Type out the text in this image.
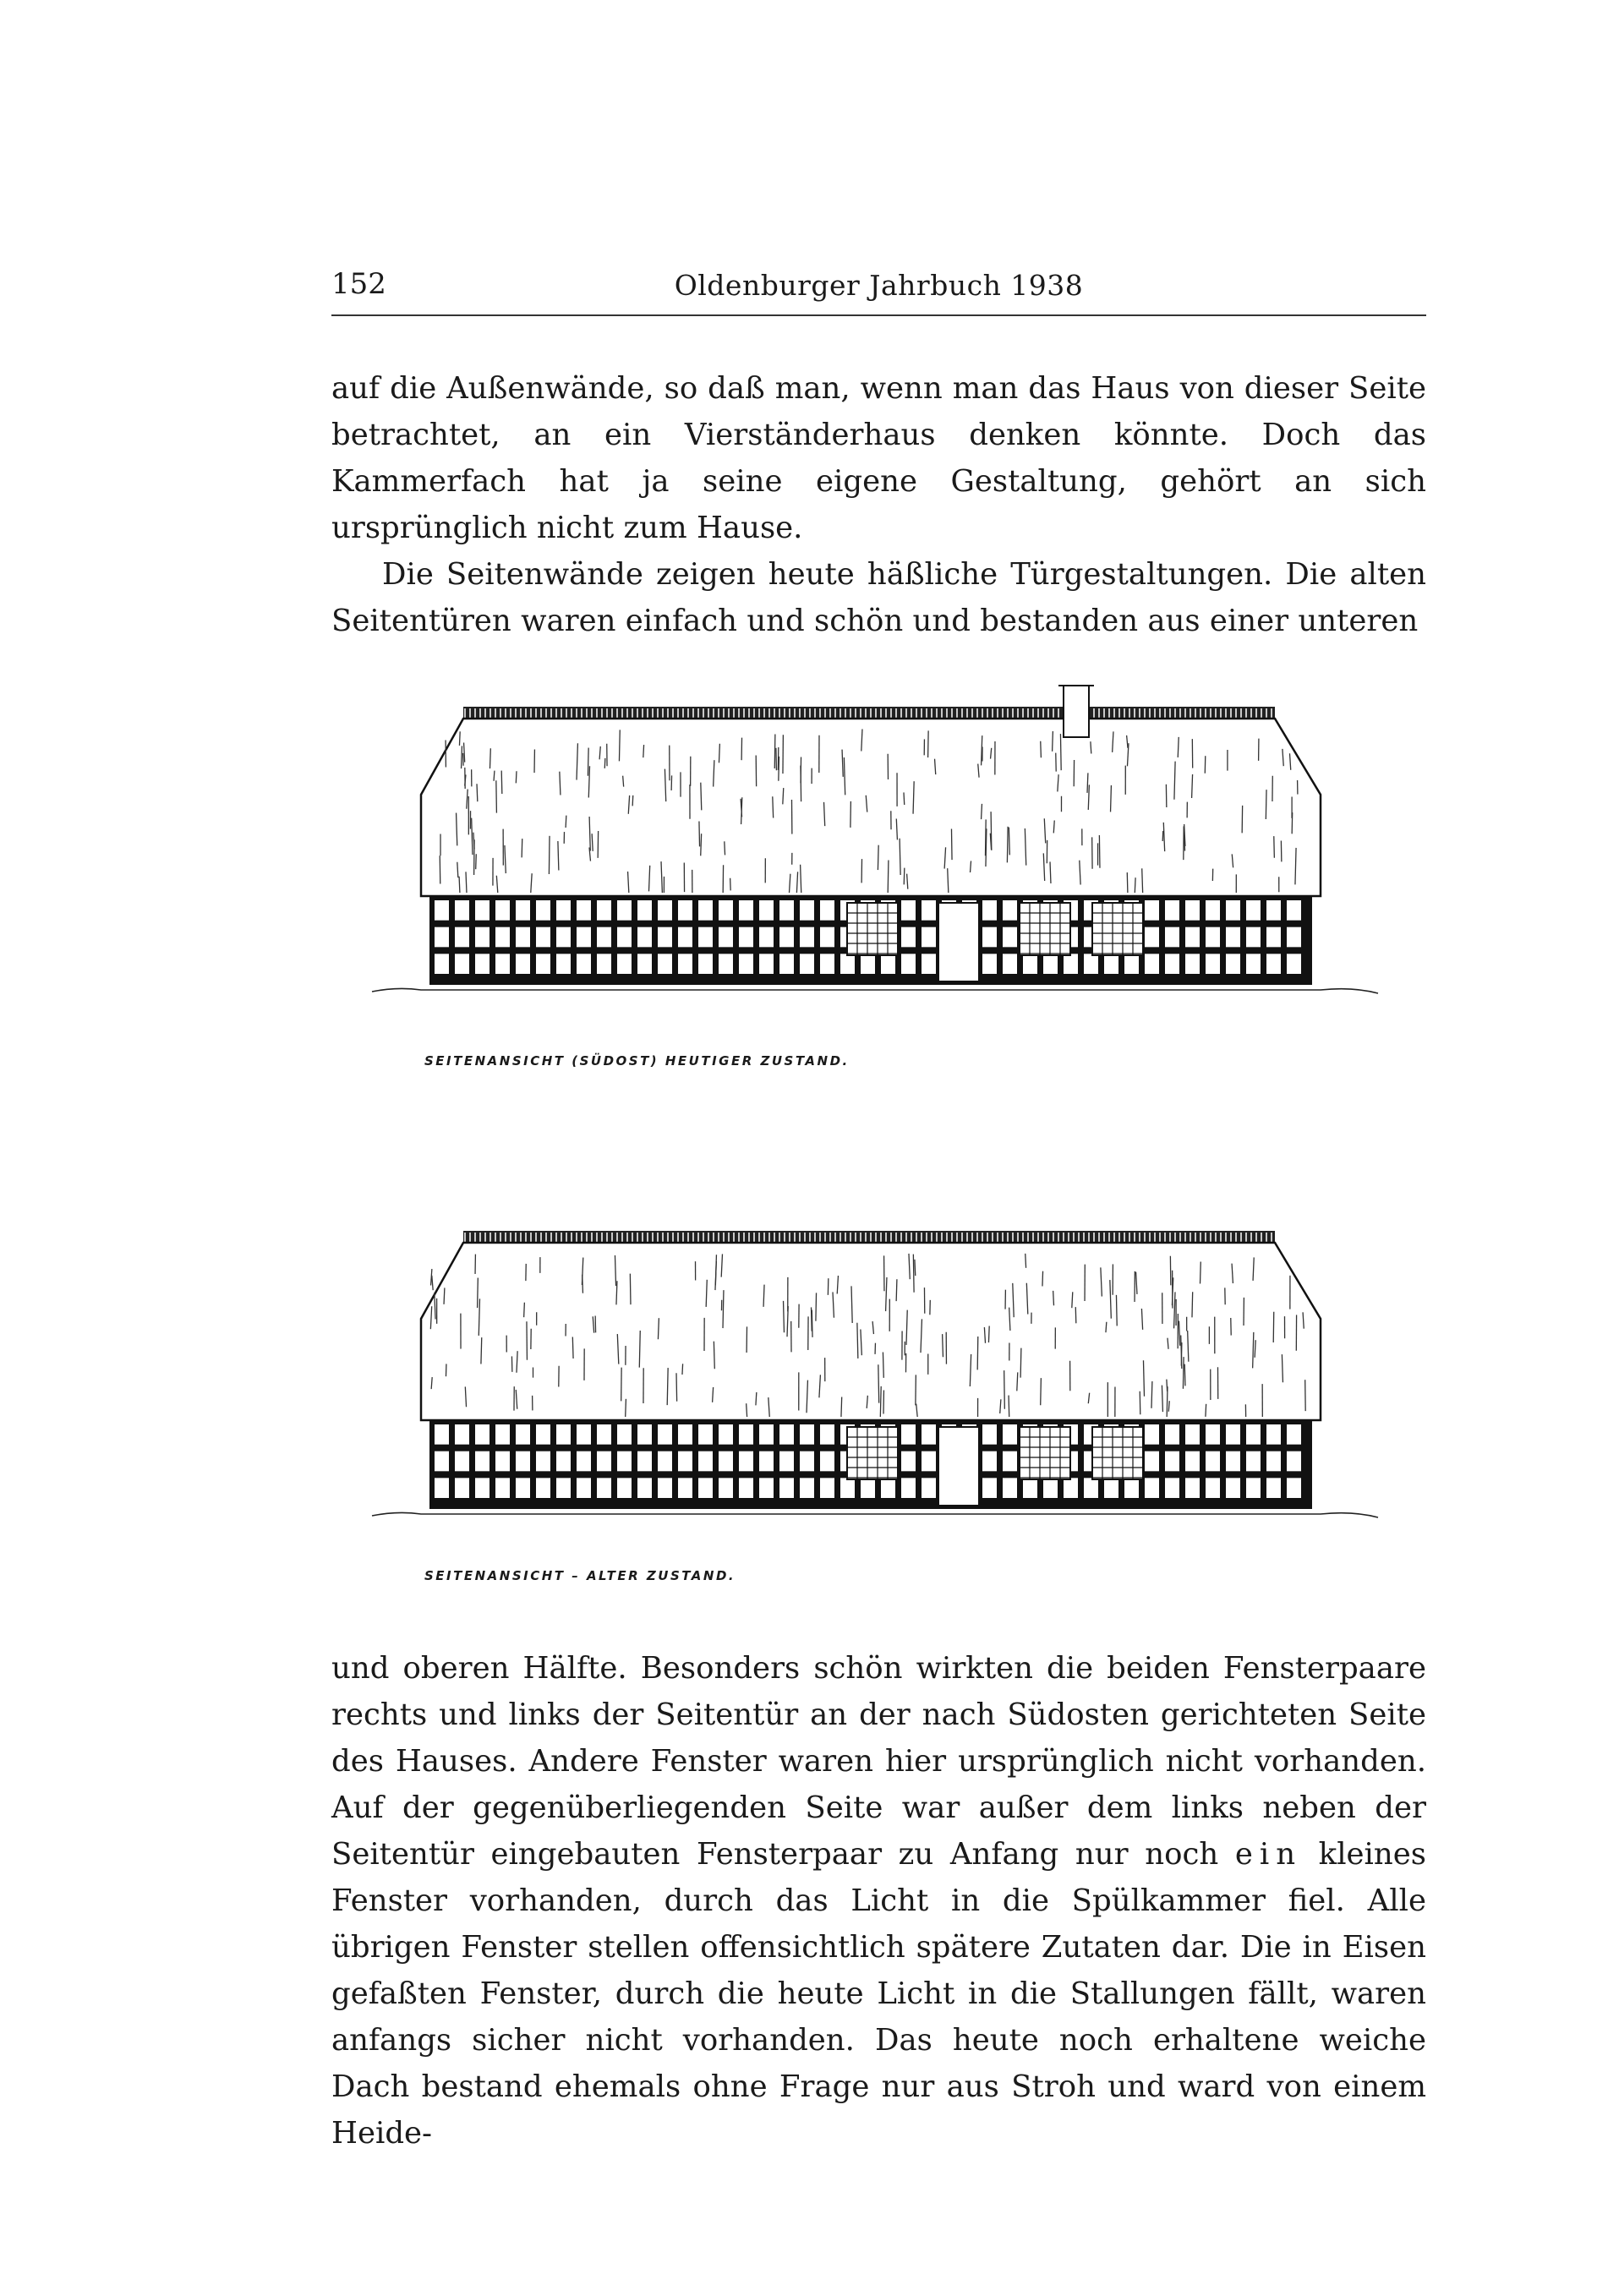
152	Oldenburger Jahrbuch 1938

auf die Außenwände, so daß man, wenn man das Haus von dieser Seite betrachtet, an ein Vierständerhaus denken könnte. Doch das Kammerfach hat ja seine eigene Gestaltung, gehört an sich ursprünglich nicht zum Hause.

Die Seitenwände zeigen heute häßliche Türgestaltungen. Die alten Seitentüren waren einfach und schön und bestanden aus einer unteren

SEITENANSICHT (SÜDOST) HEUTIGER ZUSTAND.
SEITENANSICHT – ALTER ZUSTAND.

und oberen Hälfte. Besonders schön wirkten die beiden Fensterpaare rechts und links der Seitentür an der nach Südosten gerichteten Seite des Hauses. Andere Fenster waren hier ursprünglich nicht vorhanden. Auf der gegenüberliegenden Seite war außer dem links neben der Seitentür eingebauten Fensterpaar zu Anfang nur noch ein kleines Fenster vorhanden, durch das Licht in die Spülkammer fiel. Alle übrigen Fenster stellen offensichtlich spätere Zutaten dar. Die in Eisen gefaßten Fenster, durch die heute Licht in die Stallungen fällt, waren anfangs sicher nicht vorhanden. Das heute noch erhaltene weiche Dach bestand ehemals ohne Frage nur aus Stroh und ward von einem Heide-
